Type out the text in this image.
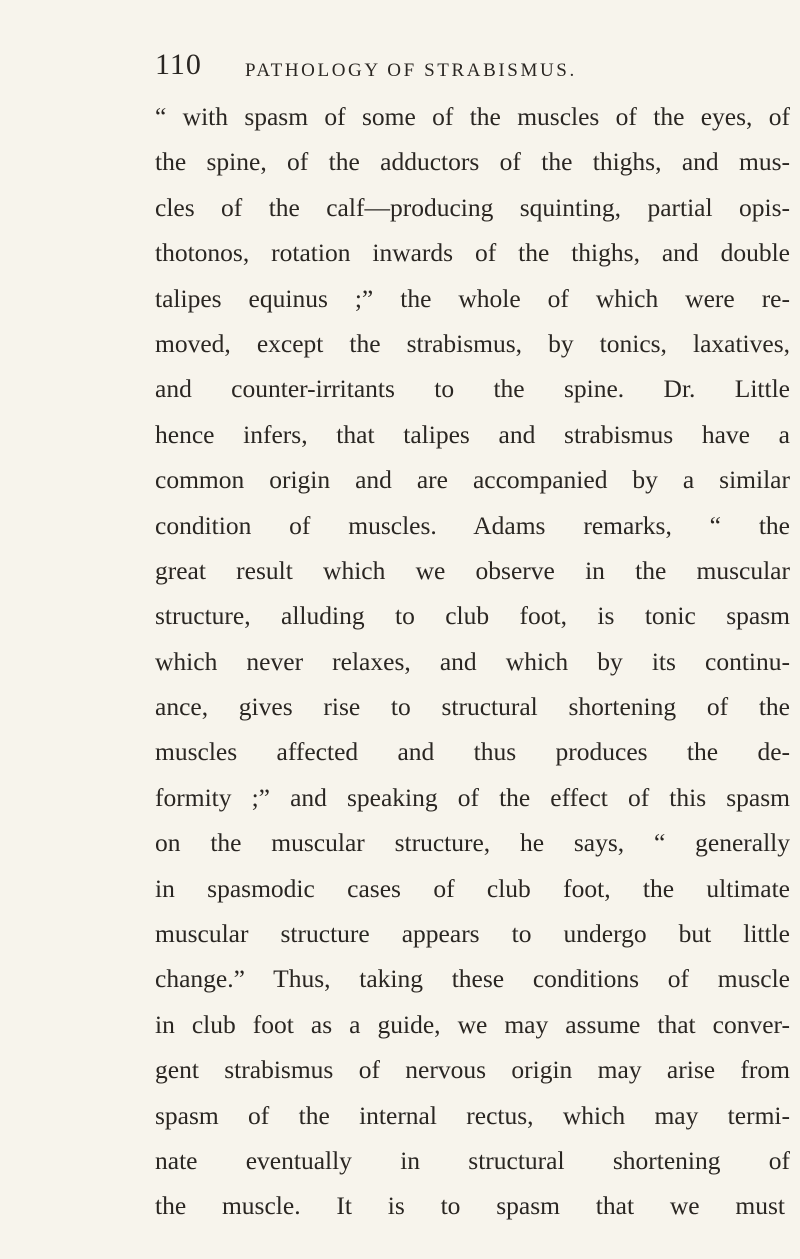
110 PATHOLOGY OF STRABISMUS.
“ with spasm of some of the muscles of the eyes, of
the spine, of the adductors of the thighs, and mus-
cles of the calf—producing squinting, partial opis-
thotonos, rotation inwards of the thighs, and double
talipes equinus ;” the whole of which were re-
moved, except the strabismus, by tonics, laxatives,
and counter-irritants to the spine. Dr. Little
hence infers, that talipes and strabismus have a
common origin and are accompanied by a similar
condition of muscles. Adams remarks, “ the
great result which we observe in the muscular
structure, alluding to club foot, is tonic spasm
which never relaxes, and which by its continu-
ance, gives rise to structural shortening of the
muscles affected and thus produces the de-
formity ;” and speaking of the effect of this spasm
on the muscular structure, he says, “ generally
in spasmodic cases of club foot, the ultimate
muscular structure appears to undergo but little
change.” Thus, taking these conditions of muscle
in club foot as a guide, we may assume that conver-
gent strabismus of nervous origin may arise from
spasm of the internal rectus, which may termi-
nate eventually in structural shortening of
the muscle. It is to spasm that we must
